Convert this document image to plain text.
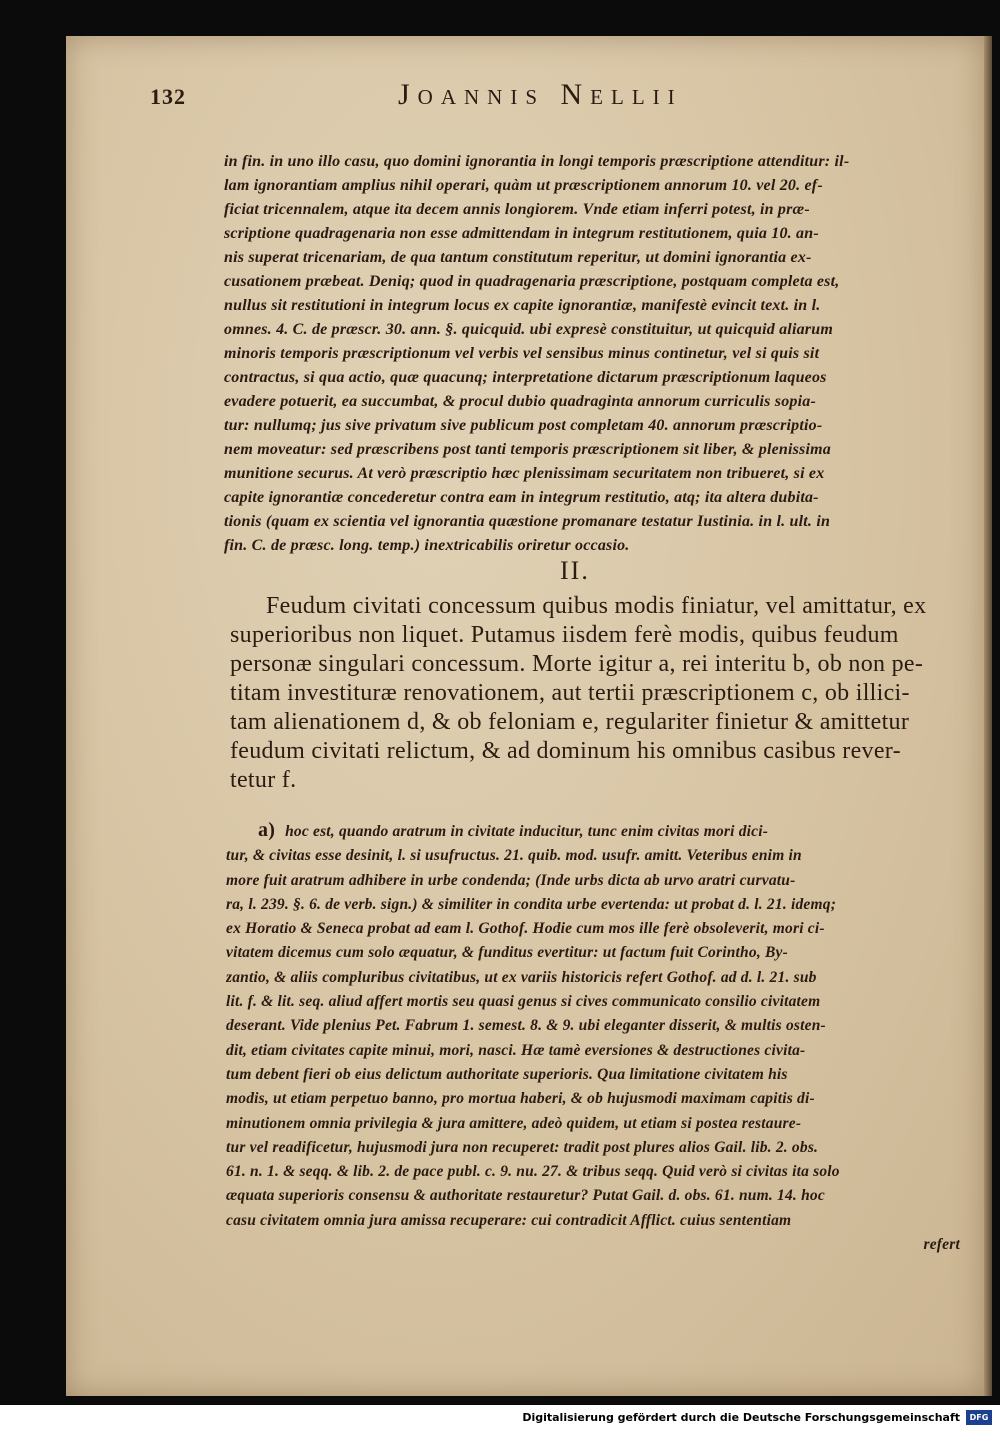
132	Joannis Nellii
in fin. in uno illo casu, quo domini ignorantia in longi temporis præscriptione attenditur: il-
lam ignorantiam amplius nihil operari, quàm ut præscriptionem annorum 10. vel 20. ef-
ficiat tricennalem, atque ita decem annis longiorem. Vnde etiam inferri potest, in præ-
scriptione quadragenaria non esse admittendam in integrum restitutionem, quia 10. an-
nis superat tricenariam, de qua tantum constitutum reperitur, ut domini ignorantia ex-
cusationem præbeat. Deniq; quod in quadragenaria præscriptione, postquam completa est,
nullus sit restitutioni in integrum locus ex capite ignorantiæ, manifestè evincit text. in l.
omnes. 4. C. de præscr. 30. ann. §. quicquid. ubi expresè constituitur, ut quicquid aliarum
minoris temporis præscriptionum vel verbis vel sensibus minus continetur, vel si quis sit
contractus, si qua actio, quæ quacunq; interpretatione dictarum præscriptionum laqueos
evadere potuerit, ea succumbat, & procul dubio quadraginta annorum curriculis sopia-
tur: nullumq; jus sive privatum sive publicum post completam 40. annorum præscriptio-
nem moveatur: sed præscribens post tanti temporis præscriptionem sit liber, & plenissima
munitione securus. At verò præscriptio hæc plenissimam securitatem non tribueret, si ex
capite ignorantiæ concederetur contra eam in integrum restitutio, atq; ita altera dubita-
tionis (quam ex scientia vel ignorantia quæstione promanare testatur Iustinia. in l. ult. in
fin. C. de præsc. long. temp.) inextricabilis oriretur occasio.
II.
Feudum civitati concessum quibus modis finiatur, vel amittatur, ex
superioribus non liquet. Putamus iisdem ferè modis, quibus feudum
personæ singulari concessum. Morte igitur a, rei interitu b, ob non pe-
titam investituræ renovationem, aut tertii præscriptionem c, ob illici-
tam alienationem d, & ob feloniam e, regulariter finietur & amittetur
feudum civitati relictum, & ad dominum his omnibus casibus rever-
tetur f.
a) hoc est, quando aratrum in civitate inducitur, tunc enim civitas mori dici-
tur, & civitas esse desinit, l. si usufructus. 21. quib. mod. usufr. amitt. Veteribus enim in
more fuit aratrum adhibere in urbe condenda; (Inde urbs dicta ab urvo aratri curvatu-
ra, l. 239. §. 6. de verb. sign.) & similiter in condita urbe evertenda: ut probat d. l. 21. idemq;
ex Horatio & Seneca probat ad eam l. Gothof. Hodie cum mos ille ferè obsoleverit, mori ci-
vitatem dicemus cum solo æquatur, & funditus evertitur: ut factum fuit Corintho, By-
zantio, & aliis compluribus civitatibus, ut ex variis historicis refert Gothof. ad d. l. 21. sub
lit. f. & lit. seq. aliud affert mortis seu quasi genus si cives communicato consilio civitatem
deserant. Vide plenius Pet. Fabrum 1. semest. 8. & 9. ubi eleganter disserit, & multis osten-
dit, etiam civitates capite minui, mori, nasci. Hæ tamè eversiones & destructiones civita-
tum debent fieri ob eius delictum authoritate superioris. Qua limitatione civitatem his
modis, ut etiam perpetuo banno, pro mortua haberi, & ob hujusmodi maximam capitis di-
minutionem omnia privilegia & jura amittere, adeò quidem, ut etiam si postea restaure-
tur vel readificetur, hujusmodi jura non recuperet: tradit post plures alios Gail. lib. 2. obs.
61. n. 1. & seqq. & lib. 2. de pace publ. c. 9. nu. 27. & tribus seqq. Quid verò si civitas ita solo
æquata superioris consensu & authoritate restauretur? Putat Gail. d. obs. 61. num. 14. hoc
casu civitatem omnia jura amissa recuperare: cui contradicit Afflict. cuius sententiam
refert
Digitalisierung gefördert durch die Deutsche Forschungsgemeinschaft	DFG
